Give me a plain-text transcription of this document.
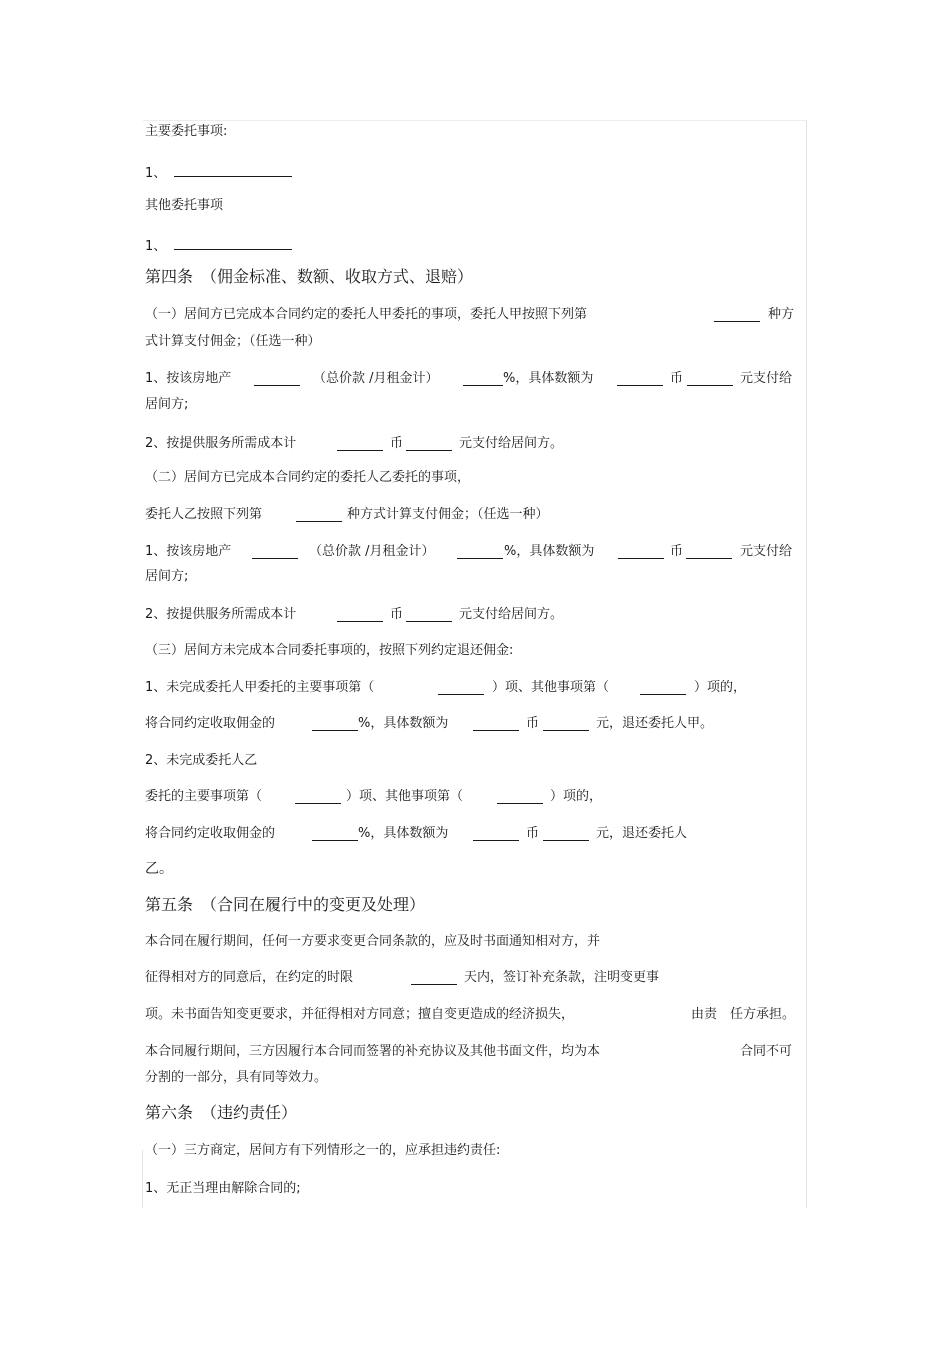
主要委托事项:
1、
其他委托事项
1、
第四条　（佣金标准、数额、收取方式、退赔）
（一）居间方已完成本合同约定的委托人甲委托的事项，委托人甲按照下列第	种方
式计算支付佣金；（任选一种）
1、按该房地产	（总价款 /月租金计）	%，具体数额为	币	元支付给
居间方;
2、按提供服务所需成本计	币	元支付给居间方。
（二）居间方已完成本合同约定的委托人乙委托的事项，
委托人乙按照下列第	种方式计算支付佣金；（任选一种）
1、按该房地产	（总价款 /月租金计）	%，具体数额为	币	元支付给
居间方;
2、按提供服务所需成本计	币	元支付给居间方。
（三）居间方未完成本合同委托事项的，按照下列约定退还佣金:
1、未完成委托人甲委托的主要事项第（	）项、其他事项第（	）项的，
将合同约定收取佣金的	%，具体数额为	币	元，退还委托人甲。
2、未完成委托人乙
委托的主要事项第（	）项、其他事项第（	）项的，
将合同约定收取佣金的	%，具体数额为	币	元，退还委托人
乙。
第五条　（合同在履行中的变更及处理）
本合同在履行期间，任何一方要求变更合同条款的，应及时书面通知相对方，并
征得相对方的同意后，在约定的时限	天内，签订补充条款，注明变更事
项。未书面告知变更要求，并征得相对方同意；擅自变更造成的经济损失，	由责　任方承担。
本合同履行期间，三方因履行本合同而签署的补充协议及其他书面文件，均为本	合同不可
分割的一部分，具有同等效力。
第六条　（违约责任）
（一）三方商定，居间方有下列情形之一的，应承担违约责任:
1、无正当理由解除合同的;
